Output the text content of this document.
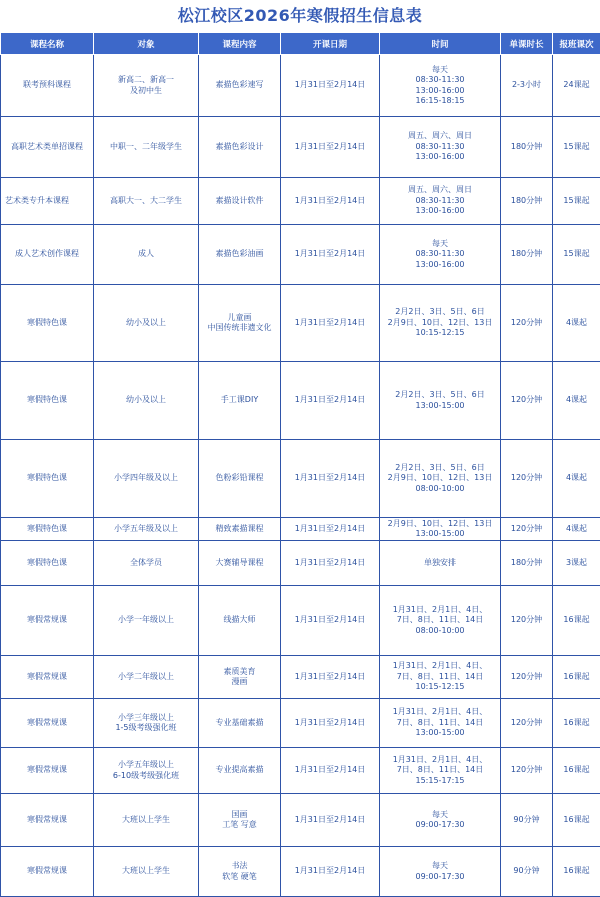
松江校区2026年寒假招生信息表
课程名称	对象	课程内容	开课日期	时间	单课时长	报班课次
联考预科课程	新高二、新高一
及初中生	素描色彩速写	1月31日至2月14日	每天
08:30-11:30
13:00-16:00
16:15-18:15	2-3小时	24课起
高职艺术类单招课程	中职一、二年级学生	素描色彩设计	1月31日至2月14日	周五、周六、周日
08:30-11:30
13:00-16:00	180分钟	15课起
艺术类专升本课程	高职大一、大二学生	素描设计软件	1月31日至2月14日	周五、周六、周日
08:30-11:30
13:00-16:00	180分钟	15课起
成人艺术创作课程	成人	素描色彩油画	1月31日至2月14日	每天
08:30-11:30
13:00-16:00	180分钟	15课起
寒假特色课	幼小及以上	儿童画
中国传统非遗文化	1月31日至2月14日	2月2日、3日、5日、6日
2月9日、10日、12日、13日
10:15-12:15	120分钟	4课起
寒假特色课	幼小及以上	手工课DIY	1月31日至2月14日	2月2日、3日、5日、6日
13:00-15:00	120分钟	4课起
寒假特色课	小学四年级及以上	色粉彩铅课程	1月31日至2月14日	2月2日、3日、5日、6日
2月9日、10日、12日、13日
08:00-10:00	120分钟	4课起
寒假特色课	小学五年级及以上	精致素描课程	1月31日至2月14日	2月9日、10日、12日、13日
13:00-15:00	120分钟	4课起
寒假特色课	全体学员	大赛辅导课程	1月31日至2月14日	单独安排	180分钟	3课起
寒假常规课	小学一年级以上	线描大师	1月31日至2月14日	1月31日、2月1日、4日、
7日、8日、11日、14日
08:00-10:00	120分钟	16课起
寒假常规课	小学二年级以上	素质美育
漫画	1月31日至2月14日	1月31日、2月1日、4日、
7日、8日、11日、14日
10:15-12:15	120分钟	16课起
寒假常规课	小学三年级以上
1-5级考级强化班	专业基础素描	1月31日至2月14日	1月31日、2月1日、4日、
7日、8日、11日、14日
13:00-15:00	120分钟	16课起
寒假常规课	小学五年级以上
6-10级考级强化班	专业提高素描	1月31日至2月14日	1月31日、2月1日、4日、
7日、8日、11日、14日
15:15-17:15	120分钟	16课起
寒假常规课	大班以上学生	国画
工笔 写意	1月31日至2月14日	每天
09:00-17:30	90分钟	16课起
寒假常规课	大班以上学生	书法
软笔 硬笔	1月31日至2月14日	每天
09:00-17:30	90分钟	16课起
